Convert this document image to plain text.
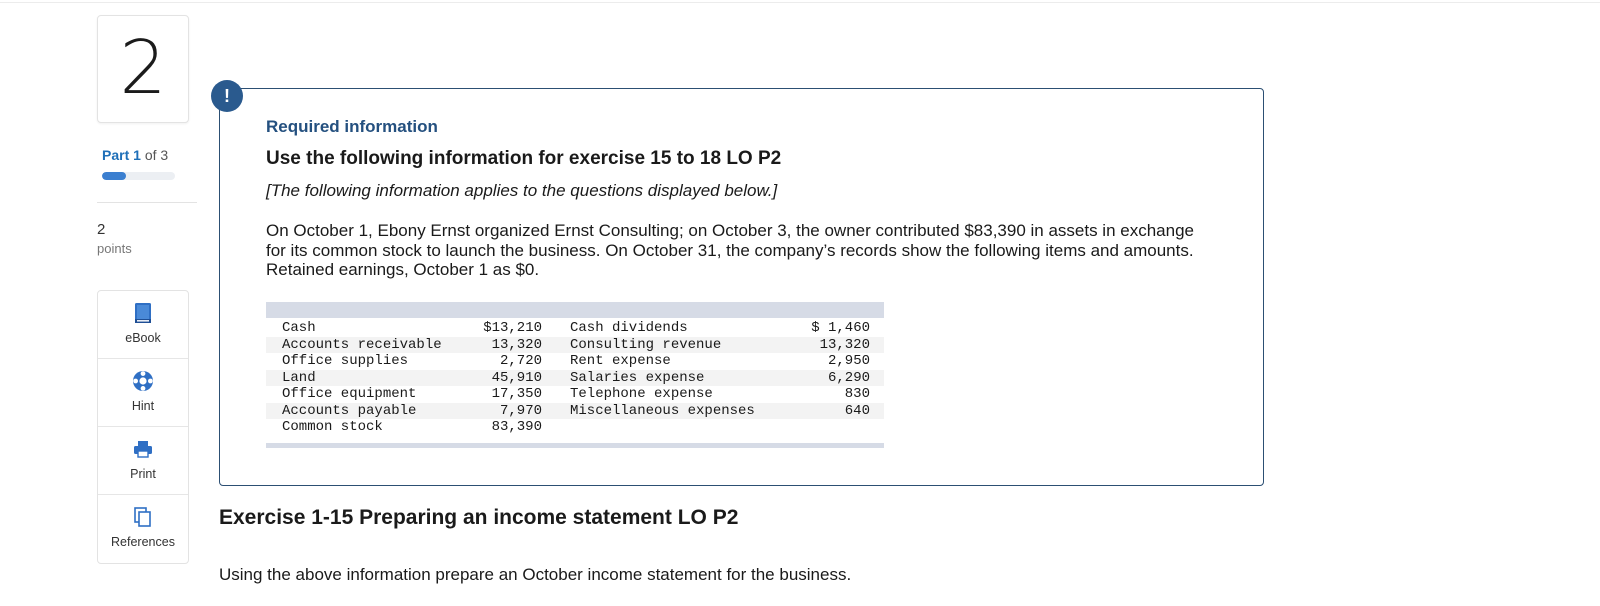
2
Part 1 of 3
2
points
eBook
Hint
Print
References
!
Required information
Use the following information for exercise 15 to 18 LO P2
[The following information applies to the questions displayed below.]
On October 1, Ebony Ernst organized Ernst Consulting; on October 3, the owner contributed $83,390 in assets in exchange for its common stock to launch the business. On October 31, the company’s records show the following items and amounts. Retained earnings, October 1 as $0.
Cash	$13,210 Cash dividends	$ 1,460
Accounts receivable	13,320 Consulting revenue	13,320
Office supplies	2,720 Rent expense	2,950
Land	45,910 Salaries expense	6,290
Office equipment	17,350 Telephone expense	830
Accounts payable	7,970 Miscellaneous expenses	640
Common stock	83,390
Exercise 1-15 Preparing an income statement LO P2
Using the above information prepare an October income statement for the business.
